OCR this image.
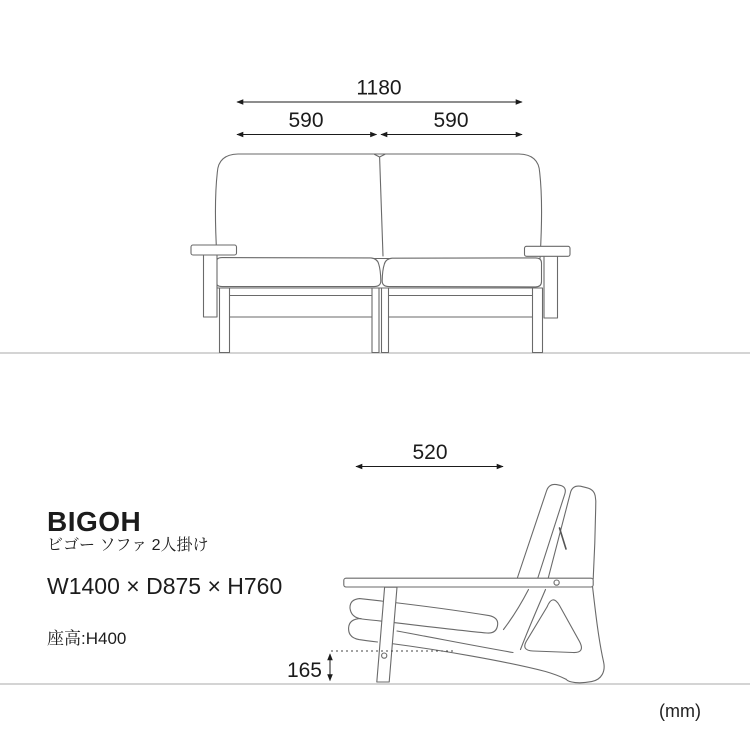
1180
590	590
520
165
BIGOH
ビゴー ソファ 2人掛け
W1400 × D875 × H760
座高:H400
(mm)
